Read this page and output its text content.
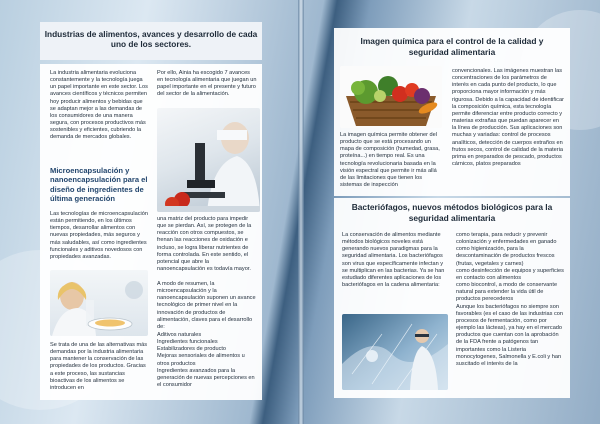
Industrias de alimentos, avances y desarrollo de cada uno de los sectores.

La industria alimentaria evoluciona constantemente y la tecnología juega un papel importante en este sector. Los avances científicos y técnicos permiten hoy producir alimentos y bebidas que se adaptan mejor a las demandas de los consumidores de una manera segura, con procesos productivos más sostenibles y eficientes, cubriendo la demanda de mercados globales.

Por ello, Ainia ha escogido 7 avances en tecnología alimentaria que juegan un papel importante en el presente y futuro del sector de la alimentación.

Microencapsulación y nanoencapsulación para el diseño de ingredientes de última generación

Las tecnologías de microencapsulación están permitiendo, en los últimos tiempos, desarrollar alimentos con nuevas propiedades, más seguros y más saludables, así como ingredientes funcionales y aditivos novedosos con propiedades avanzadas.

Se trata de una de las alternativas más demandas por la industria alimentaria para mantener la conservación de las propiedades de los productos. Gracias a este proceso, las sustancias bioactivas de los alimentos se introducen en

una matriz del producto para impedir que se pierdan. Así, se protegen de la reacción con otros compuestos, se frenan las reacciones de oxidación e incluso, se logra liberar nutrientes de forma controlada. En este sentido, el potencial que abre la nanoencapsulación es todavía mayor.

A modo de resumen, la microencapsulación y la nanoencapsulación suponen un avance tecnológico de primer nivel en la innovación de productos de alimentación, claves para el desarrollo de:

Aditivos naturales
Ingredientes funcionales
Estabilizadores de producto
Mejoras sensoriales de alimentos u otros productos
Ingredientes avanzados para la generación de nuevas percepciones en el consumidor

Imagen química para el control de la calidad y seguridad alimentaria

La imagen química permite obtener del producto que se está procesando un mapa de composición (humedad, grasa, proteína...) en tiempo real. Es una tecnología revolucionaria basada en la visión espectral que permite ir más allá de las limitaciones que tienen los sistemas de inspección

convencionales. Las imágenes muestran las concentraciones de los parámetros de interés en cada punto del producto, lo que proporciona mayor información y más rigurosa. Debido a la capacidad de identificar la composición química, esta tecnología permite diferenciar entre producto correcto y materias extrañas que puedan aparecer en la línea de producción. Sus aplicaciones son muchas y variadas: control de procesos analíticos, detección de cuerpos extraños en frutos secos, control de calidad de la materia prima en preparados de pescado, productos cárnicos, platos preparados

Bacteriófagos, nuevos métodos biológicos para la seguridad alimentaria

La conservación de alimentos mediante métodos biológicos noveles está generando nuevos paradigmas para la seguridad alimentaria. Los bacteriófagos son virus que específicamente infectan y se multiplican en las bacterias. Ya se han estudiado diferentes aplicaciones de los bacteriófagos en la cadena alimentaria:

como terapia, para reducir y prevenir colonización y enfermedades en ganado
como higienización, para la descontaminación de productos frescos (frutas, vegetales y carnes)
como desinfección de equipos y superficies en contacto con alimentos
como biocontrol, a modo de conservante natural para extender la vida útil de productos perecederos
Aunque los bacteriófagos no siempre son favorables (es el caso de las industrias con procesos de fermentación, como por ejemplo las lácteas), ya hay en el mercado productos que cuentan con la aprobación de la FDA frente a patógenos tan importantes como la Listeria monocytogenes, Salmonella y E.coli y han suscitado el interés de la
